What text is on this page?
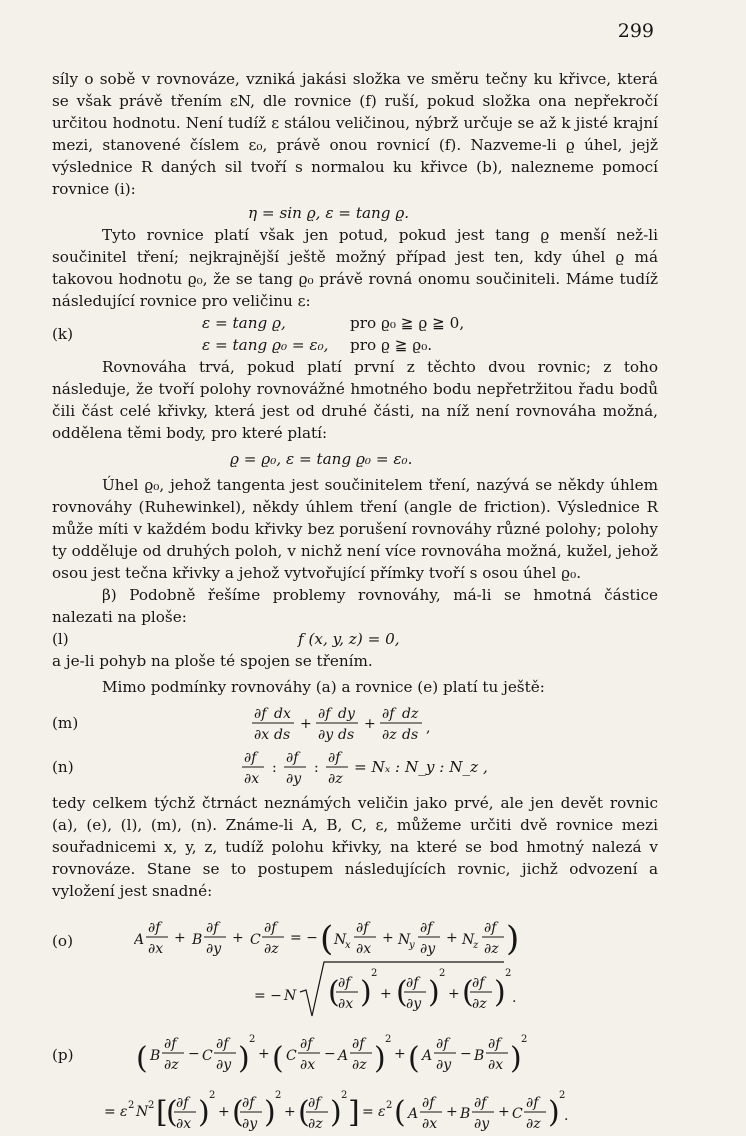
299

síly o sobě v rovnováze, vzniká jakási složka ve směru tečny ku křivce, která se však právě třením εN, dle rovnice (f) ruší, pokud složka ona nepřekročí určitou hodnotu. Není tudíž ε stálou veličinou, nýbrž určuje se až k jisté krajní mezi, stanovené číslem ε₀, právě onou rovnicí (f). Nazveme-li ϱ úhel, jejž výslednice R daných sil tvoří s normalou ku křivce (b), nalezneme pomocí rovnice (i):

η = sin ϱ, ε = tang ϱ.

Tyto rovnice platí však jen potud, pokud jest tang ϱ menší než-li součinitel tření; nejkrajnější ještě možný případ jest ten, kdy úhel ϱ má takovou hodnotu ϱ₀, že se tang ϱ₀ právě rovná onomu součiniteli. Máme tudíž následující rovnice pro veličinu ε:

ε = tang ϱ,	pro ϱ₀ ≧ ϱ ≧ 0,
(k)
ε = tang ϱ₀ = ε₀, pro ϱ ≧ ϱ₀.

Rovnováha trvá, pokud platí první z těchto dvou rovnic; z toho následuje, že tvoří polohy rovnovážné hmotného bodu nepřetržitou řadu bodů čili část celé křivky, která jest od druhé části, na níž není rovnováha možná, oddělena těmi body, pro které platí:

ϱ = ϱ₀, ε = tang ϱ₀ = ε₀.

Úhel ϱ₀, jehož tangenta jest součinitelem tření, nazývá se někdy úhlem rovnováhy (Ruhewinkel), někdy úhlem tření (angle de friction). Výslednice R může míti v každém bodu křivky bez porušení rovnováhy různé polohy; polohy ty odděluje od druhých poloh, v nichž není více rovnováha možná, kužel, jehož osou jest tečna křivky a jehož vytvořující přímky tvoří s osou úhel ϱ₀.

β) Podobně řešíme problemy rovnováhy, má-li se hmotná částice nalezati na ploše:

(l)	f (x, y, z) = 0,

a je-li pohyb na ploše té spojen se třením.

Mimo podmínky rovnováhy (a) a rovnice (e) platí tu ještě:

(m)	∂f dx
∂x ds
+
∂f dy
∂y ds
+
∂f dz
∂z ds ,
(n)	∂f
∂x
:
∂f
∂y
:
∂f
∂z
= Nₓ : N_y : N_z ,

tedy celkem týchž čtrnáct neznámých veličin jako prvé, ale jen devět rovnic (a), (e), (l), (m), (n). Známe-li A, B, C, ε, můžeme určiti dvě rovnice mezi souřadnicemi x, y, z, tudíž polohu křivky, na které se bod hmotný nalezá v rovnováze. Stane se to postupem následujících rovnic, jichž odvození a vyložení jest snadné:

(o)	A
∂f
∂x
+ B
∂f
∂y
+ C
∂f
∂z
= − ( N
x
∂f
∂x
+ N
y
∂f
∂y
+ N
z
∂f
∂z )
= − N (
∂f
∂x )
2
+ (
∂f
∂y )
2
+ (
∂f
∂z )
2
.
(p) ( B
∂f
∂z
− C
∂f
∂y )
2
+ ( C
∂f
∂x
− A
∂f
∂z )
2
+ ( A
∂f
∂y
− B
∂f
∂x )
2
= ε 2 N 2 [
(
∂f
∂x ) 2
+ (
∂f
∂y ) 2
+ (
∂f
∂z ) 2 ] = ε 2 ( A
∂f
∂x
+ B
∂f
∂y
+ C
∂f
∂z ) 2
.
